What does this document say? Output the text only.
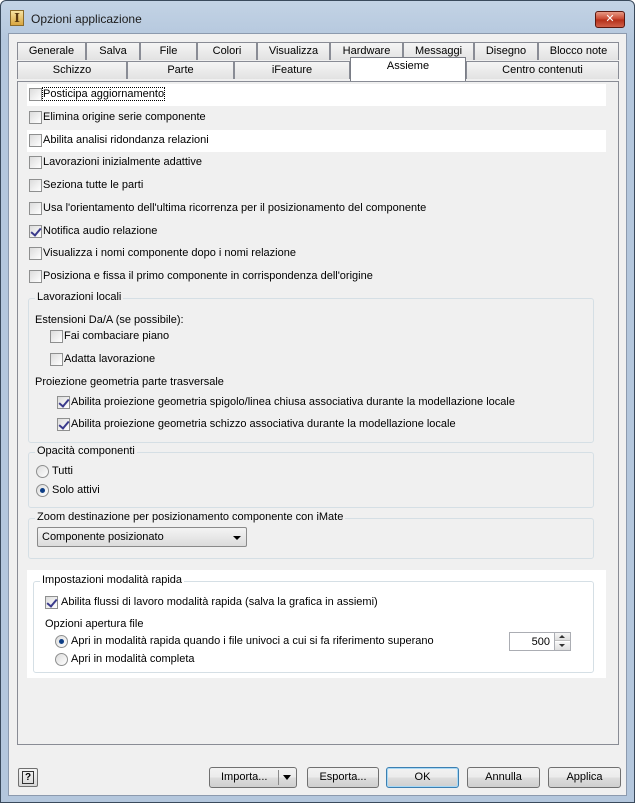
I Opzioni applicazione	✕
Generale	Salva	File	Colori	Visualizza	Hardware	Messaggi	Disegno	Blocco note
Schizzo	Parte	iFeature	Assieme	Centro contenuti
Posticipa aggiornamento
Elimina origine serie componente
Abilita analisi ridondanza relazioni
Lavorazioni inizialmente adattive
Seziona tutte le parti
Usa l'orientamento dell'ultima ricorrenza per il posizionamento del componente
Notifica audio relazione
Visualizza i nomi componente dopo i nomi relazione
Posiziona e fissa il primo componente in corrispondenza dell'origine
Lavorazioni locali
Estensioni Da/A (se possibile):
Fai combaciare piano
Adatta lavorazione
Proiezione geometria parte trasversale
Abilita proiezione geometria spigolo/linea chiusa associativa durante la modellazione locale
Abilita proiezione geometria schizzo associativa durante la modellazione locale
Opacità componenti
Tutti
Solo attivi
Zoom destinazione per posizionamento componente con iMate
Componente posizionato
Impostazioni modalità rapida
Abilita flussi di lavoro modalità rapida (salva la grafica in assiemi)
Opzioni apertura file
Apri in modalità rapida quando i file univoci a cui si fa riferimento superano	500
Apri in modalità completa
?	Importa...	Esporta...	OK	Annulla	Applica
